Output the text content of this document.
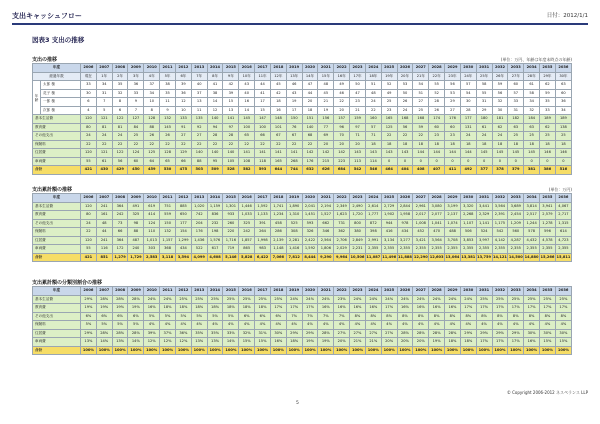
支出キャッシュフロー	日付：2012/1/1
図表3 支出の推移
支出の推移	(単位：万円、年齢は年度末時点の年齢)
年度		2006	2007	2008	2009	2010	2011	2012	2013	2014	2015	2016	2017	2018	2019	2020	2021	2022	2023	2024	2025	2026	2027	2028	2029	2030	2031	2032	2033	2034	2035	2036
経過年数		現在	1年	2年	3年	4年	5年	6年	7年	8年	9年	10年	11年	12年	13年	14年	15年	16年	17年	18年	19年	20年	21年	22年	23年	24年	25年	26年	27年	28年	29年	30年
年齢	太郎 様	33	34	35	36	37	38	39	40	41	42	43	44	45	46	47	48	49	50	51	52	53	54	55	56	57	58	59	60	61	62	63
	花子 様	30	31	32	33	34	35	36	37	38	39	40	41	42	43	44	45	46	47	48	49	50	51	52	53	54	55	56	57	58	59	60
	一郎 様	6	7	8	9	10	11	12	13	14	15	16	17	18	19	20	21	22	23	24	25	26	27	28	29	30	31	32	33	34	35	36
	次郎 様	4	5	6	7	8	9	10	11	12	13	14	15	16	17	18	19	20	21	22	23	24	25	26	27	28	29	30	31	32	33	34
基本生活費		120	121	122	127	128	132	133	135	140	141	145	147	148	150	151	156	157	159	160	165	168	168	174	176	177	180	181	182	184	189	189
教育費		80	81	81	84	88	145	91	92	94	97	100	100	101	76	140	77	96	97	57	125	56	59	60	60	131	61	62	63	63	62	138
その他支出		24	24	24	25	26	26	27	27	28	28	65	66	67	67	68	69	70	71	71	22	22	22	23	23	24	24	24	25	25	25	25
保険料		22	22	22	22	22	22	22	22	22	22	22	22	22	22	22	20	20	20	18	18	18	18	18	18	18	18	18	18	18	18	18
住居費		120	121	122	124	125	128	129	140	140	140	141	141	141	141	142	142	142	143	143	143	143	144	144	144	144	145	145	145	145	146	146
車両費		55	61	56	60	64	65	66	88	95	105	108	118	165	268	176	215	223	113	114	0	0	0	0	0	0	0	0	0	0	0	0
合計		421	430	429	450	459	530	475	503	509	528	582	593	644	744	632	626	684	542	546	464	404	408	407	411	492	377	378	379	381	386	516
支出累計額の推移	(単位：万円)
年度	2006	2007	2008	2009	2010	2011	2012	2013	2014	2015	2016	2017	2018	2019	2020	2021	2022	2023	2024	2025	2026	2027	2028	2029	2030	2031	2032	2033	2034	2035	2036
基本生活費	120	241	364	491	619	751	885	1,020	1,159	1,301	1,446	1,592	1,741	1,890	2,041	2,194	2,349	2,490	2,614	2,729	2,844	2,961	3,080	3,199	3,320	3,441	3,564	3,689	3,814	3,941	4,067
教育費	80	161	242	325	414	559	650	742	836	933	1,033	1,133	1,234	1,310	1,451	1,527	1,623	1,720	1,777	1,902	1,958	2,017	2,077	2,137	2,268	2,329	2,391	2,454	2,517	2,579	2,717
その他支出	24	48	73	98	124	150	177	204	232	260	325	391	458	525	593	662	731	800	872	944	978	1,008	1,041	1,074	1,107	1,141	1,175	1,209	1,244	1,278	1,315
保険料	22	44	66	88	110	132	154	176	198	220	242	264	286	308	326	346	362	380	398	416	434	452	470	488	506	524	542	560	578	596	614
住居費	120	241	364	487	1,013	1,157	1,299	1,436	1,576	1,716	1,857	1,998	2,139	2,281	2,422	2,564	2,706	2,849	2,991	3,134	3,277	3,421	3,564	3,708	3,853	3,997	4,142	4,287	4,432	4,578	4,723
車両費	55	116	172	240	303	368	434	522	617	719	865	983	1,148	1,416	1,592	1,806	2,029	2,231	2,355	2,355	2,355	2,355	2,355	2,355	2,355	2,355	2,355	2,355	2,355	2,355	2,355
合計	421	851	1,279	1,729	2,583	3,118	3,594	4,099	4,608	5,146	5,828	6,422	7,066	7,812	8,444	9,290	9,964	10,506	11,087	11,496	11,888	12,290	12,603	13,064	13,381	13,759	14,121	14,500	14,880	15,266	15,811
支出累計額の分類別割合の推移
年度	2006	2007	2008	2009	2010	2011	2012	2013	2014	2015	2016	2017	2018	2019	2020	2021	2022	2023	2024	2025	2026	2027	2028	2029	2030	2031	2032	2033	2034	2035	2036
基本生活費	29%	28%	28%	28%	24%	24%	25%	25%	25%	25%	25%	25%	25%	24%	24%	24%	23%	24%	24%	24%	24%	24%	24%	24%	24%	25%	25%	25%	25%	25%	25%
教育費	19%	19%	19%	19%	16%	18%	18%	18%	18%	18%	18%	18%	17%	17%	17%	16%	16%	16%	16%	17%	16%	16%	16%	16%	17%	17%	17%	17%	17%	17%	17%
その他支出	6%	6%	6%	6%	5%	5%	5%	5%	5%	5%	6%	6%	6%	7%	7%	7%	7%	8%	8%	8%	8%	8%	8%	8%	8%	8%	8%	8%	8%	8%	8%
保険料	5%	5%	5%	5%	4%	4%	4%	4%	4%	4%	4%	4%	4%	4%	4%	4%	4%	4%	4%	4%	4%	4%	4%	4%	4%	4%	4%	4%	4%	4%	4%
住居費	29%	28%	28%	28%	39%	37%	36%	35%	35%	33%	32%	31%	30%	29%	29%	28%	27%	27%	27%	27%	28%	28%	28%	28%	29%	29%	29%	29%	30%	30%	30%
車両費	13%	14%	13%	14%	12%	12%	12%	13%	13%	14%	15%	15%	16%	18%	19%	19%	20%	21%	21%	20%	20%	20%	19%	18%	18%	17%	17%	17%	16%	15%	15%
合計	100%	100%	100%	100%	100%	100%	100%	100%	100%	100%	100%	100%	100%	100%	100%	100%	100%	100%	100%	100%	100%	100%	100%	100%	100%	100%	100%	100%	100%	100%	100%
© Copyright 2006-2012 ネスペランス LLP
5
